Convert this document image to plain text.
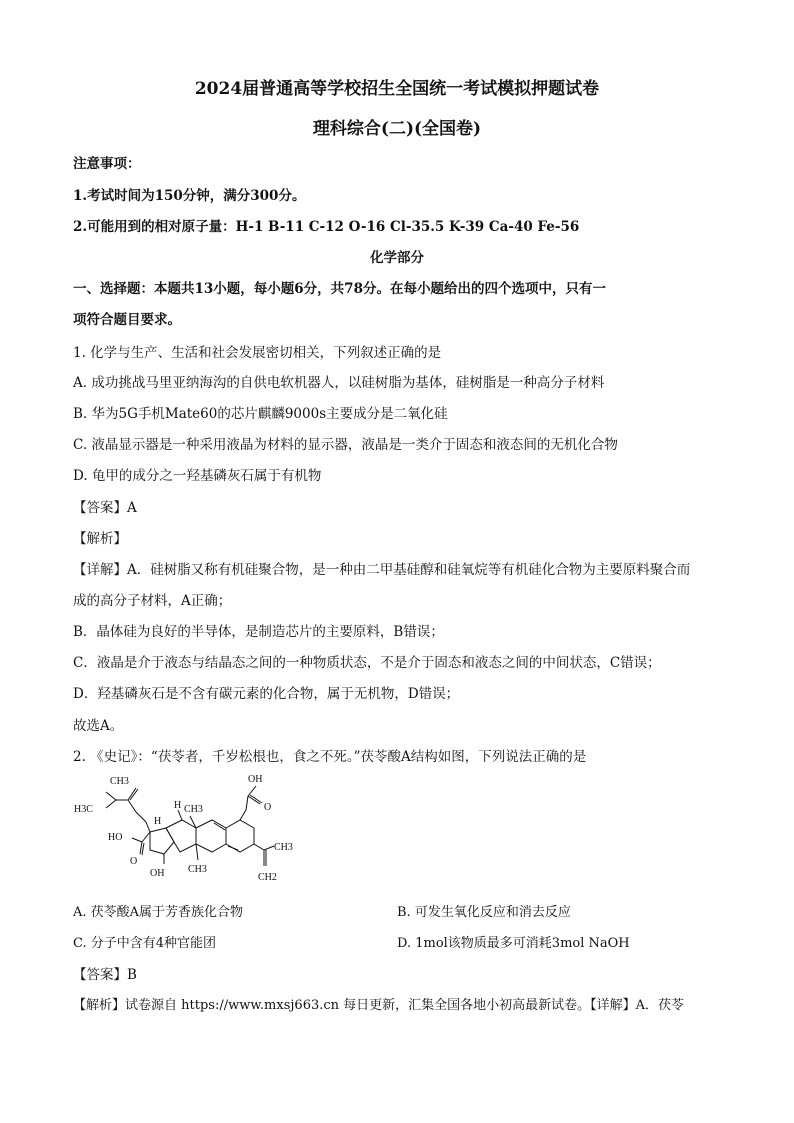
2024届普通高等学校招生全国统一考试模拟押题试卷
理科综合(二)(全国卷)
注意事项：
1.考试时间为150分钟，满分300分。
2.可能用到的相对原子量：H-1 B-11 C-12 O-16 Cl-35.5 K-39 Ca-40 Fe-56
化学部分
一、选择题：本题共13小题，每小题6分，共78分。在每小题给出的四个选项中，只有一
项符合题目要求。
1. 化学与生产、生活和社会发展密切相关，下列叙述正确的是
A. 成功挑战马里亚纳海沟的自供电软机器人，以硅树脂为基体，硅树脂是一种高分子材料
B. 华为5G手机Mate60的芯片麒麟9000s主要成分是二氧化硅
C. 液晶显示器是一种采用液晶为材料的显示器，液晶是一类介于固态和液态间的无机化合物
D. 龟甲的成分之一羟基磷灰石属于有机物
【答案】A
【解析】
【详解】A．硅树脂又称有机硅聚合物，是一种由二甲基硅醇和硅氧烷等有机硅化合物为主要原料聚合而
成的高分子材料，A正确；
B．晶体硅为良好的半导体，是制造芯片的主要原料，B错误；
C．液晶是介于液态与结晶态之间的一种物质状态，不是介于固态和液态之间的中间状态，C错误；
D．羟基磷灰石是不含有碳元素的化合物，属于无机物，D错误；
故选A。
2. 《史记》：“茯苓者，千岁松根也，食之不死。”茯苓酸A结构如图，下列说法正确的是
CH3
H3C
HO
O
H
H CH3
OH CH3
OH
O
CH3
CH2
A. 茯苓酸A属于芳香族化合物	B. 可发生氧化反应和消去反应
C. 分子中含有4种官能团	D. 1mol该物质最多可消耗3mol NaOH
【答案】B
【解析】试卷源自 https://www.mxsj663.cn 每日更新，汇集全国各地小初高最新试卷。【详解】A．茯苓
